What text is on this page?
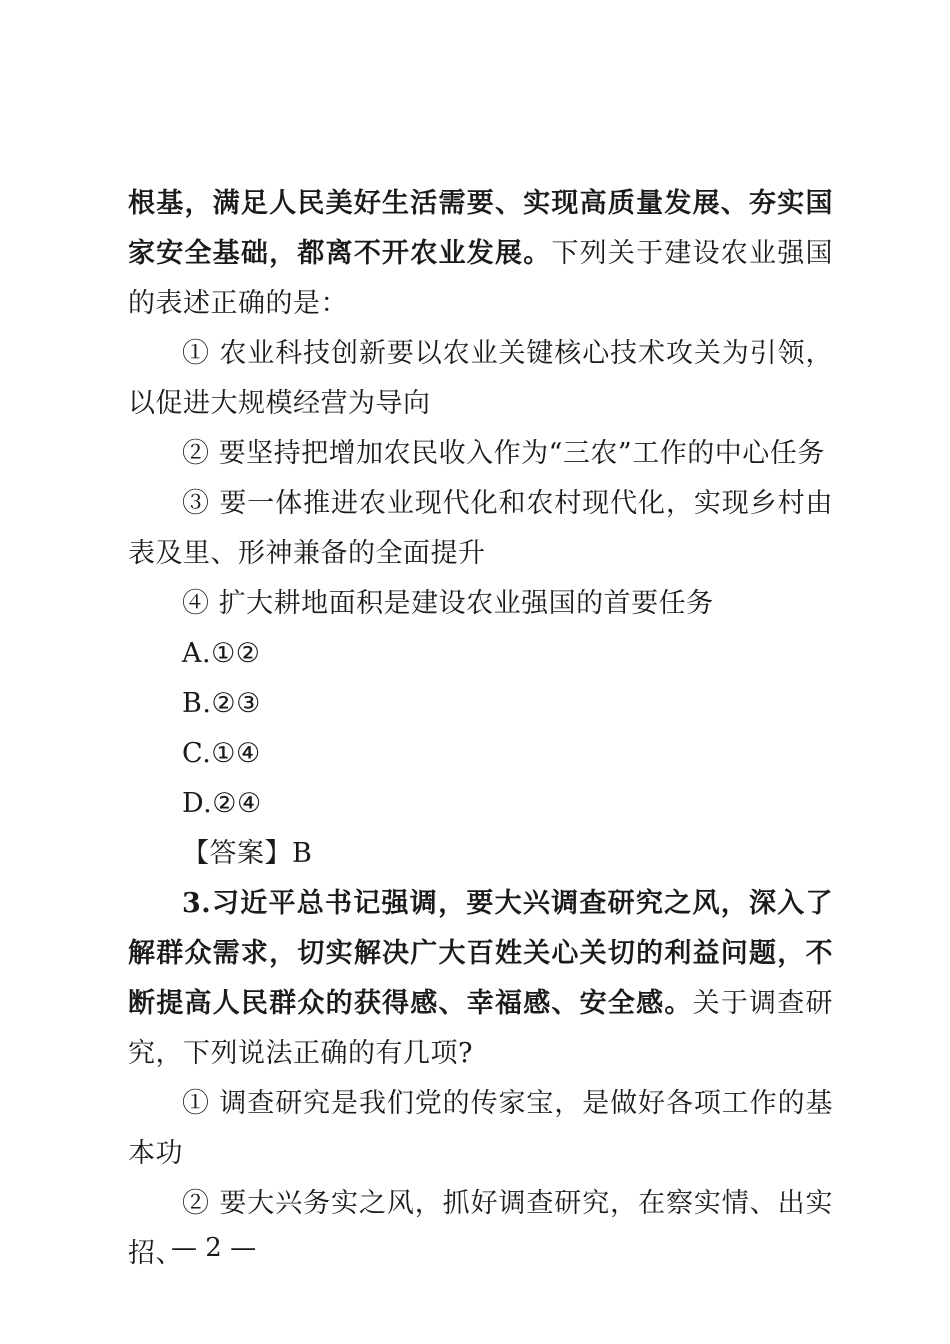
根基，满足人民美好生活需要、实现高质量发展、夯实国家安全基础，都离不开农业发展。下列关于建设农业强国的表述正确的是：

① 农业科技创新要以农业关键核心技术攻关为引领，以促进大规模经营为导向

② 要坚持把增加农民收入作为“三农”工作的中心任务

③ 要一体推进农业现代化和农村现代化，实现乡村由表及里、形神兼备的全面提升

④ 扩大耕地面积是建设农业强国的首要任务

A.①②

B.②③

C.①④

D.②④

【答案】B

3.习近平总书记强调，要大兴调查研究之风，深入了解群众需求，切实解决广大百姓关心关切的利益问题，不断提高人民群众的获得感、幸福感、安全感。关于调查研究，下列说法正确的有几项?

① 调查研究是我们党的传家宝，是做好各项工作的基本功

② 要大兴务实之风，抓好调查研究，在察实情、出实招、

— 2 —
